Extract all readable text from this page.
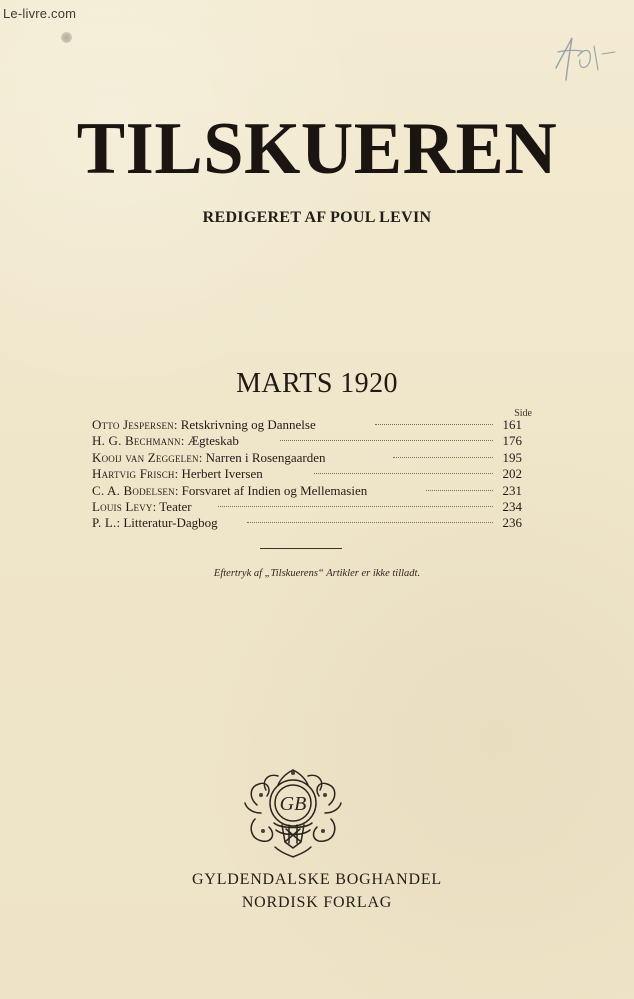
Le-livre.com
TILSKUEREN
REDIGERET AF POUL LEVIN
MARTS 1920
Side
Otto Jespersen: Retskrivning og Dannelse	161
H. G. Bechmann: Ægteskab	176
Kooij van Zeggelen: Narren i Rosengaarden	195
Hartvig Frisch: Herbert Iversen	202
C. A. Bodelsen: Forsvaret af Indien og Mellemasien	231
Louis Levy: Teater	234
P. L.: Litteratur-Dagbog	236
Eftertryk af „Tilskuerens“ Artikler er ikke tilladt.
GB
GYLDENDALSKE BOGHANDEL
NORDISK FORLAG
